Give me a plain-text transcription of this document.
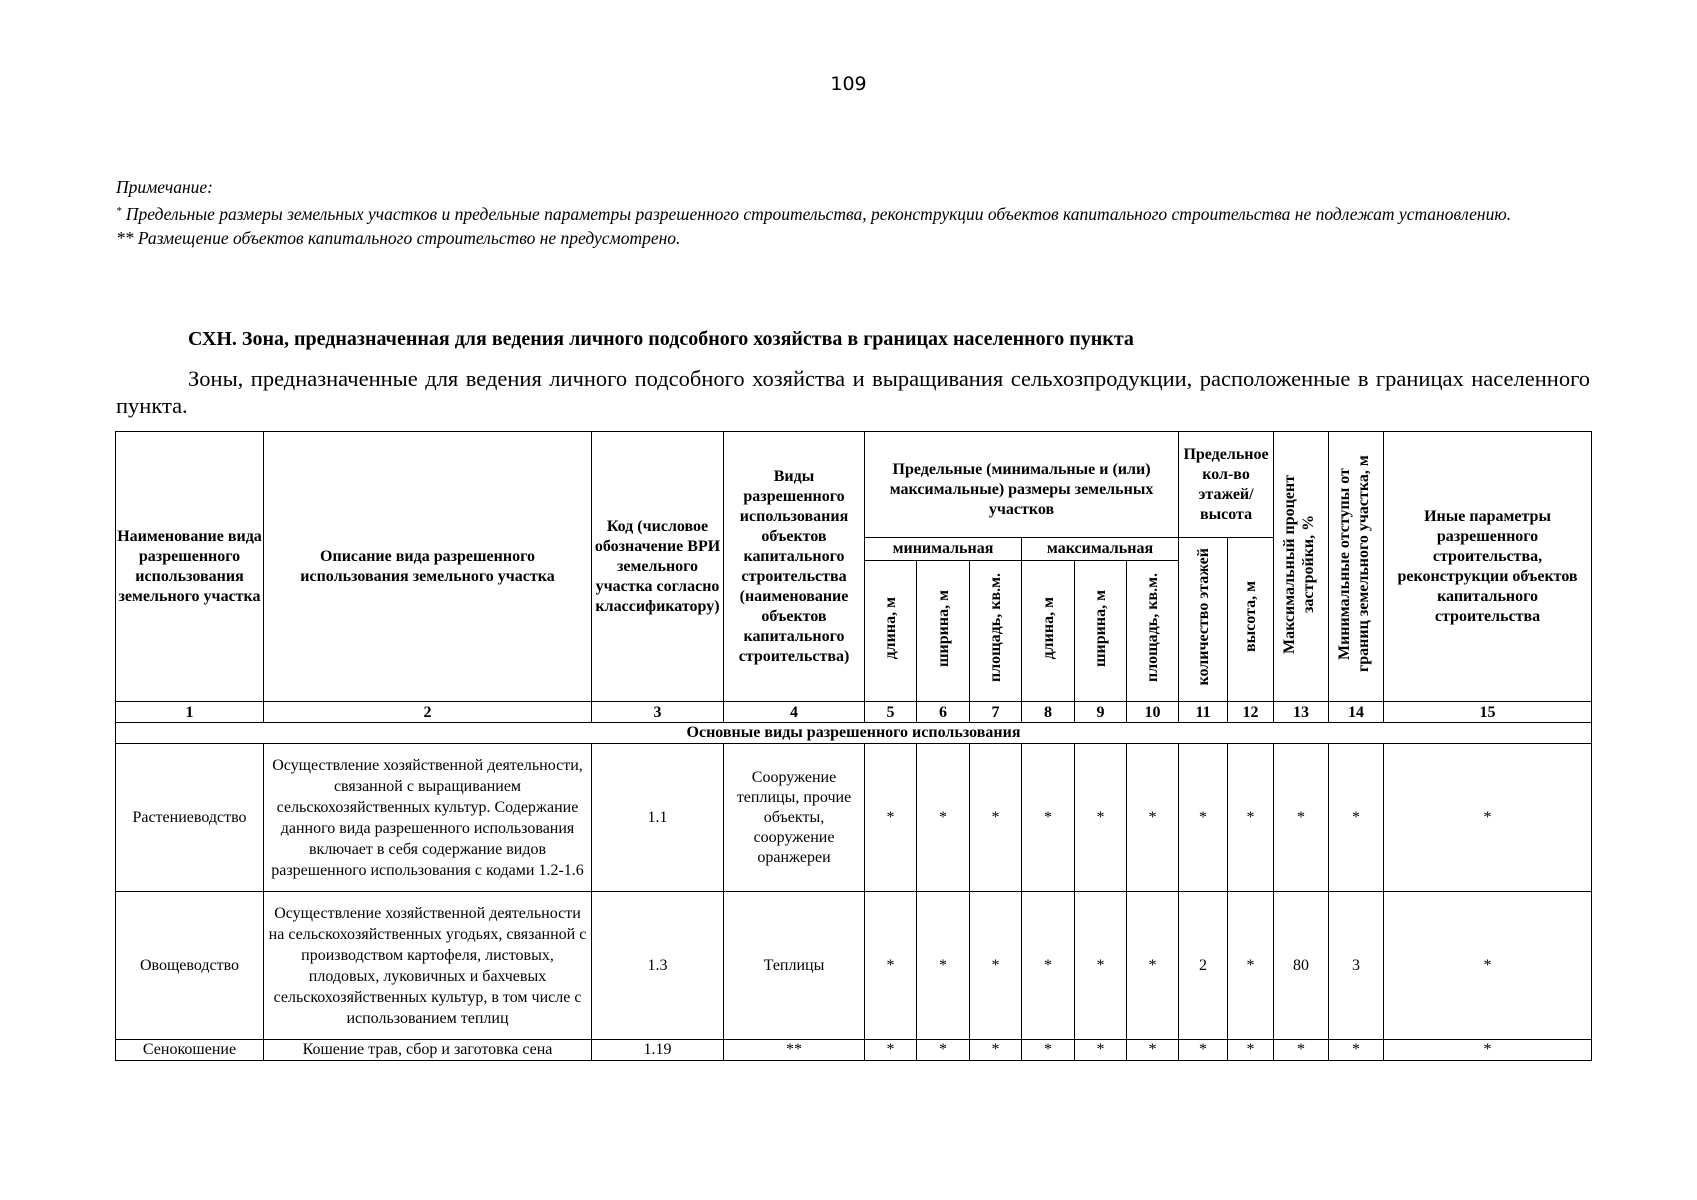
109

Примечание:

* Предельные размеры земельных участков и предельные параметры разрешенного строительства, реконструкции объектов капитального строительства не подлежат установлению.

** Размещение объектов капитального строительство не предусмотрено.

СХН. Зона, предназначенная для ведения личного подсобного хозяйства в границах населенного пункта
Зоны, предназначенные для ведения личного подсобного хозяйства и выращивания сельхозпродукции, расположенные в границах населенного пункта.
Наименование вида разрешенного использования земельного участка	Описание вида разрешенного использования земельного участка	Код (числовое обозначение ВРИ земельного участка согласно классификатору)	Виды разрешенного использования объектов капитального строительства (наименование объектов капитального строительства)	Предельные (минимальные и (или) максимальные) размеры земельных участков						Предельное кол-во этажей/ высота		Максимальный процент застройки, %	Минимальные отступы от границ земельного участка, м	Иные параметры разрешенного строительства, реконструкции объектов капитального строительства
				минимальная			максимальная			количество этажей	высота, м			
				длина, м	ширина, м	площадь, кв.м.	длина, м	ширина, м	площадь, кв.м.					
1	2	3	4	5	6	7	8	9	10	11	12	13	14	15
Основные виды разрешенного использования														
Растениеводство	Осуществление хозяйственной деятельности, связанной с выращиванием сельскохозяйственных культур. Содержание данного вида разрешенного использования включает в себя содержание видов разрешенного использования с кодами 1.2-1.6	1.1	Сооружение теплицы, прочие объекты, сооружение оранжереи	*	*	*	*	*	*	*	*	*	*	*
Овощеводство	Осуществление хозяйственной деятельности на сельскохозяйственных угодьях, связанной с производством картофеля, листовых, плодовых, луковичных и бахчевых сельскохозяйственных культур, в том числе с использованием теплиц	1.3	Теплицы	*	*	*	*	*	*	2	*	80	3	*
Сенокошение	Кошение трав, сбор и заготовка сена	1.19	**	*	*	*	*	*	*	*	*	*	*	*
